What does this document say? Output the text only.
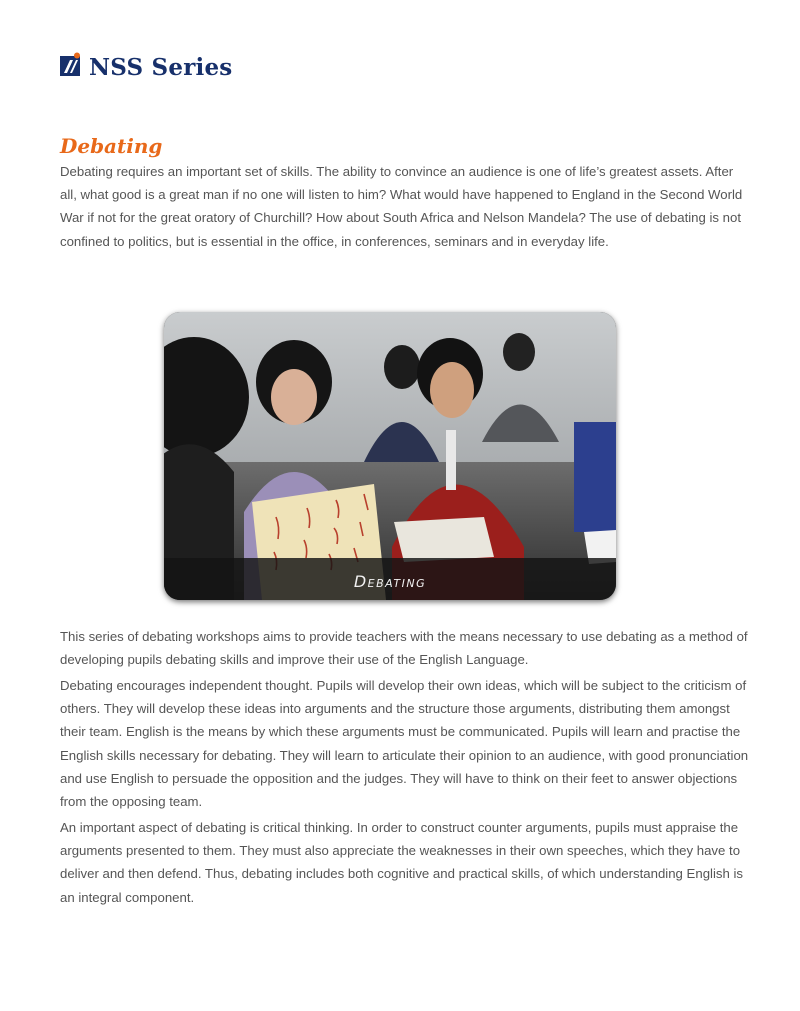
NSS Series
Debating

Debating requires an important set of skills. The ability to convince an audience is one of life’s greatest assets. After all, what good is a great man if no one will listen to him? What would have happened to England in the Second World War if not for the great oratory of Churchill? How about South Africa and Nelson Mandela? The use of debating is not confined to politics, but is essential in the office, in conferences, seminars and in everyday life.

Debating

This series of debating workshops aims to provide teachers with the means necessary to use debating as a method of developing pupils debating skills and improve their use of the English Language.

Debating encourages independent thought. Pupils will develop their own ideas, which will be subject to the criticism of others. They will develop these ideas into arguments and the structure those arguments, distributing them amongst their team. English is the means by which these arguments must be communicated. Pupils will learn and practise the English skills necessary for debating. They will learn to articulate their opinion to an audience, with good pronunciation and use English to persuade the opposition and the judges. They will have to think on their feet to answer objections from the opposing team.

An important aspect of debating is critical thinking. In order to construct counter arguments, pupils must appraise the arguments presented to them. They must also appreciate the weaknesses in their own speeches, which they have to deliver and then defend. Thus, debating includes both cognitive and practical skills, of which understanding English is an integral component.
